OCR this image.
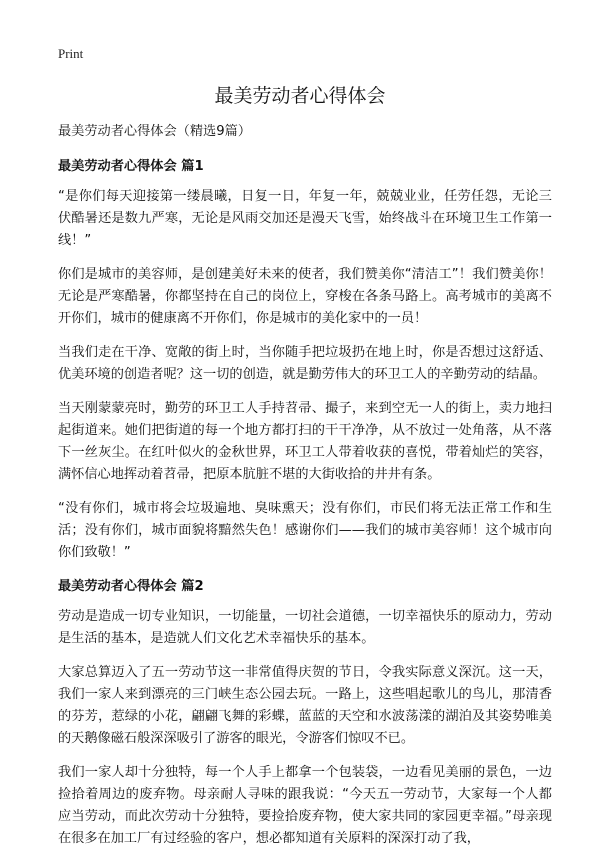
Print
最美劳动者心得体会
最美劳动者心得体会（精选9篇）
最美劳动者心得体会 篇1

“是你们每天迎接第一缕晨曦，日复一日，年复一年，兢兢业业，任劳任怨，无论三伏酷暑还是数九严寒，无论是风雨交加还是漫天飞雪，始终战斗在环境卫生工作第一线！”

你们是城市的美容师，是创建美好未来的使者，我们赞美你“清洁工”！我们赞美你！无论是严寒酷暑，你都坚持在自己的岗位上，穿梭在各条马路上。高考城市的美离不开你们，城市的健康离不开你们，你是城市的美化家中的一员！

当我们走在干净、宽敞的街上时，当你随手把垃圾扔在地上时，你是否想过这舒适、优美环境的创造者呢？这一切的创造，就是勤劳伟大的环卫工人的辛勤劳动的结晶。

当天刚蒙蒙亮时，勤劳的环卫工人手持苕帚、撮子，来到空无一人的街上，卖力地扫起街道来。她们把街道的每一个地方都打扫的干干净净，从不放过一处角落，从不落下一丝灰尘。在红叶似火的金秋世界，环卫工人带着收获的喜悦，带着灿烂的笑容，满怀信心地挥动着苕帚，把原本肮脏不堪的大街收拾的井井有条。

“没有你们，城市将会垃圾遍地、臭味熏天；没有你们，市民们将无法正常工作和生活；没有你们，城市面貌将黯然失色！感谢你们——我们的城市美容师！这个城市向你们致敬！”

最美劳动者心得体会 篇2

劳动是造成一切专业知识，一切能量，一切社会道德，一切幸福快乐的原动力，劳动是生活的基本，是造就人们文化艺术幸福快乐的基本。

大家总算迈入了五一劳动节这一非常值得庆贺的节日，令我实际意义深沉。这一天，我们一家人来到漂亮的三门峡生态公园去玩。一路上，这些唱起歌儿的鸟儿，那清香的芬芳，惹绿的小花，翩翩飞舞的彩蝶，蓝蓝的天空和水波荡漾的湖泊及其姿势唯美的天鹅像磁石般深深吸引了游客的眼光，令游客们惊叹不已。

我们一家人却十分独特，每一个人手上都拿一个包装袋，一边看见美丽的景色，一边捡拾着周边的废弃物。母亲耐人寻味的跟我说：“今天五一劳动节，大家每一个人都应当劳动，而此次劳动十分独特，要捡拾废弃物，使大家共同的家园更幸福。”母亲现在很多在加工厂有过经验的客户，想必都知道有关原料的深深打动了我，
